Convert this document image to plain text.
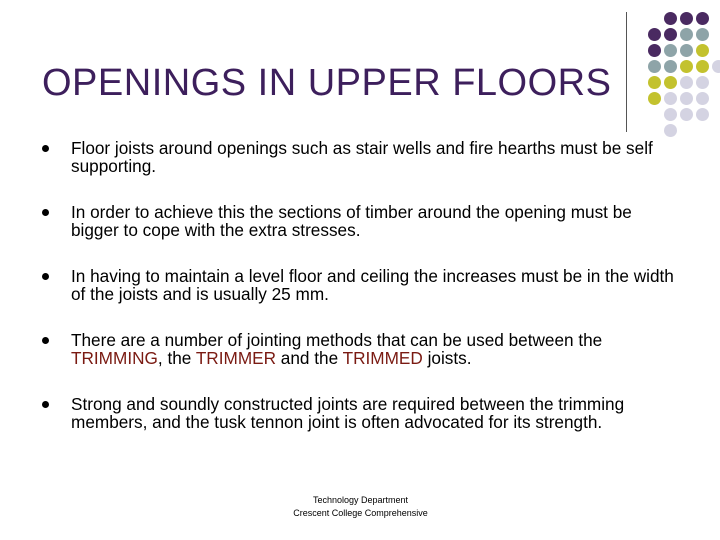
OPENINGS IN UPPER FLOORS
Floor joists around openings such as stair wells and fire hearths must be self supporting.
In order to achieve this the sections of timber around the opening must be bigger to cope with the extra stresses.
In having to maintain a level floor and ceiling the increases must be in the width of the joists and is usually 25 mm.
There are a number of jointing methods that can be used between the TRIMMING, the TRIMMER and the TRIMMED joists.
Strong and soundly constructed joints are required between the trimming members, and the tusk tennon joint is often advocated for its strength.
Technology Department
Crescent College Comprehensive
